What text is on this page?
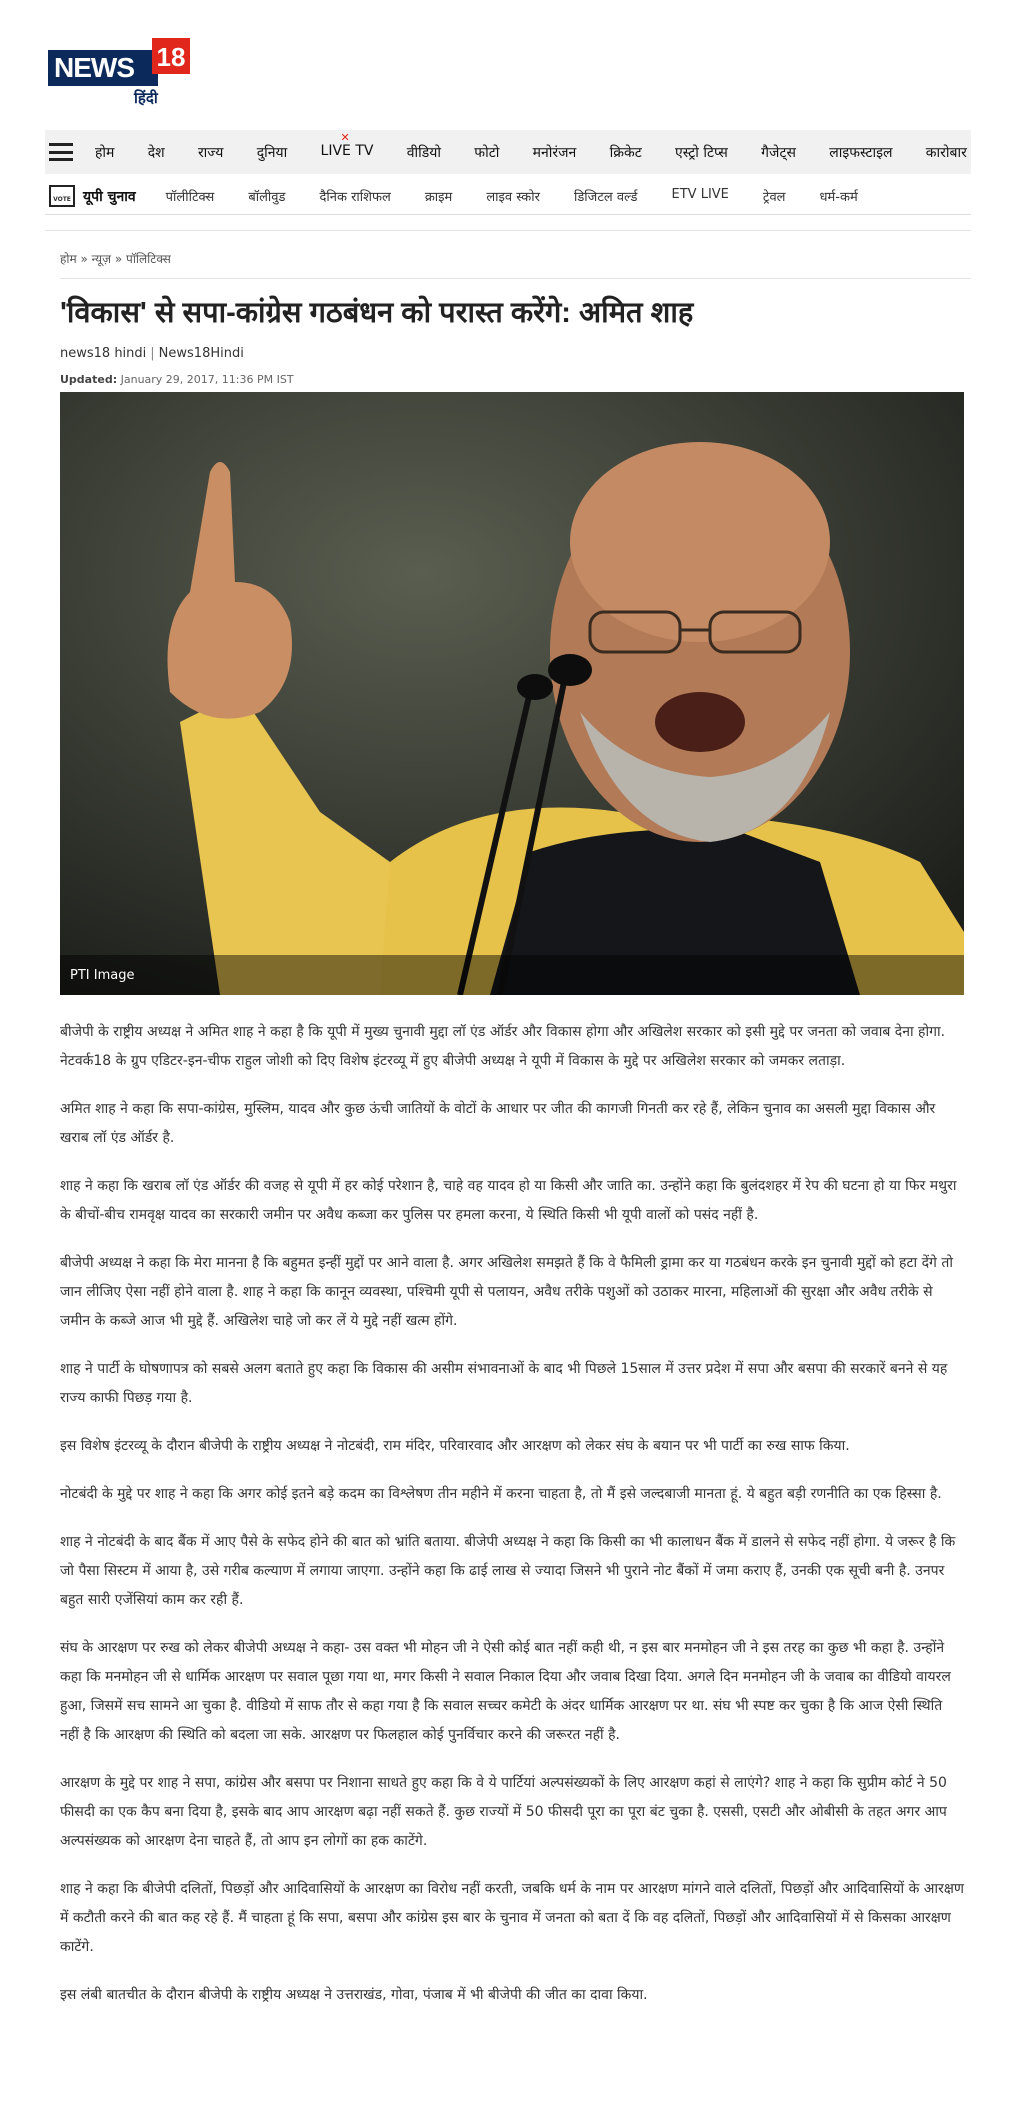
NEWS 18
हिंदी
होम देश राज्य दुनिया LIVE TV
✕
वीडियो फोटो मनोरंजन क्रिकेट एस्ट्रो टिप्स गैजेट्स लाइफस्टाइल कारोबार
VOTE यूपी चुनाव पॉलीटिक्स	बॉलीवुड	दैनिक राशिफल	क्राइम	लाइव स्कोर	डिजिटल वर्ल्ड	ETV LIVE	ट्रेवल	धर्म-कर्म
होम » न्यूज़ » पॉलिटिक्स
'विकास' से सपा-कांग्रेस गठबंधन को परास्त करेंगे: अमित शाह
news18 hindi | News18Hindi
Updated: January 29, 2017, 11:36 PM IST
PTI Image

बीजेपी के राष्ट्रीय अध्यक्ष ने अमित शाह ने कहा है कि यूपी में मुख्य चुनावी मुद्दा लॉ एंड ऑर्डर और विकास होगा और अखिलेश सरकार को इसी मुद्दे पर जनता को जवाब देना होगा. नेटवर्क18 के ग्रुप एडिटर-इन-चीफ राहुल जोशी को दिए विशेष इंटरव्यू में हुए बीजेपी अध्यक्ष ने यूपी में विकास के मुद्दे पर अखिलेश सरकार को जमकर लताड़ा.

अमित शाह ने कहा कि सपा-कांग्रेस, मुस्लिम, यादव और कुछ ऊंची जातियों के वोटों के आधार पर जीत की कागजी गिनती कर रहे हैं, लेकिन चुनाव का असली मुद्दा विकास और खराब लॉ एंड ऑर्डर है.

शाह ने कहा कि खराब लॉ एंड ऑर्डर की वजह से यूपी में हर कोई परेशान है, चाहे वह यादव हो या किसी और जाति का. उन्होंने कहा कि बुलंदशहर में रेप की घटना हो या फिर मथुरा के बीचों-बीच रामवृक्ष यादव का सरकारी जमीन पर अवैध कब्जा कर पुलिस पर हमला करना, ये स्थिति किसी भी यूपी वालों को पसंद नहीं है.

बीजेपी अध्यक्ष ने कहा कि मेरा मानना है कि बहुमत इन्हीं मुद्दों पर आने वाला है. अगर अखिलेश समझते हैं कि वे फैमिली ड्रामा कर या गठबंधन करके इन चुनावी मुद्दों को हटा देंगे तो जान लीजिए ऐसा नहीं होने वाला है. शाह ने कहा कि कानून व्यवस्था, पश्चिमी यूपी से पलायन, अवैध तरीके पशुओं को उठाकर मारना, महिलाओं की सुरक्षा और अवैध तरीके से जमीन के कब्जे आज भी मुद्दे हैं. अखिलेश चाहे जो कर लें ये मुद्दे नहीं खत्म होंगे.

शाह ने पार्टी के घोषणापत्र को सबसे अलग बताते हुए कहा कि विकास की असीम संभावनाओं के बाद भी पिछले 15साल में उत्तर प्रदेश में सपा और बसपा की सरकारें बनने से यह राज्य काफी पिछड़ गया है.

इस विशेष इंटरव्यू के दौरान बीजेपी के राष्ट्रीय अध्यक्ष ने नोटबंदी, राम मंदिर, परिवारवाद और आरक्षण को लेकर संघ के बयान पर भी पार्टी का रुख साफ किया.

नोटबंदी के मुद्दे पर शाह ने कहा कि अगर कोई इतने बड़े कदम का विश्लेषण तीन महीने में करना चाहता है, तो मैं इसे जल्दबाजी मानता हूं. ये बहुत बड़ी रणनीति का एक हिस्सा है.

शाह ने नोटबंदी के बाद बैंक में आए पैसे के सफेद होने की बात को भ्रांति बताया. बीजेपी अध्यक्ष ने कहा कि किसी का भी कालाधन बैंक में डालने से सफेद नहीं होगा. ये जरूर है कि जो पैसा सिस्टम में आया है, उसे गरीब कल्याण में लगाया जाएगा. उन्होंने कहा कि ढाई लाख से ज्यादा जिसने भी पुराने नोट बैंकों में जमा कराए हैं, उनकी एक सूची बनी है. उनपर बहुत सारी एजेंसियां काम कर रही हैं.

संघ के आरक्षण पर रुख को लेकर बीजेपी अध्यक्ष ने कहा- उस वक्त भी मोहन जी ने ऐसी कोई बात नहीं कही थी, न इस बार मनमोहन जी ने इस तरह का कुछ भी कहा है. उन्होंने कहा कि मनमोहन जी से धार्मिक आरक्षण पर सवाल पूछा गया था, मगर किसी ने सवाल निकाल दिया और जवाब दिखा दिया. अगले दिन मनमोहन जी के जवाब का वीडियो वायरल हुआ, जिसमें सच सामने आ चुका है. वीडियो में साफ तौर से कहा गया है कि सवाल सच्चर कमेटी के अंदर धार्मिक आरक्षण पर था. संघ भी स्पष्ट कर चुका है कि आज ऐसी स्थिति नहीं है कि आरक्षण की स्थिति को बदला जा सके. आरक्षण पर फिलहाल कोई पुनर्विचार करने की जरूरत नहीं है.

आरक्षण के मुद्दे पर शाह ने सपा, कांग्रेस और बसपा पर निशाना साधते हुए कहा कि वे ये पार्टियां अल्पसंख्यकों के लिए आरक्षण कहां से लाएंगे? शाह ने कहा कि सुप्रीम कोर्ट ने 50 फीसदी का एक कैप बना दिया है, इसके बाद आप आरक्षण बढ़ा नहीं सकते हैं. कुछ राज्यों में 50 फीसदी पूरा का पूरा बंट चुका है. एससी, एसटी और ओबीसी के तहत अगर आप अल्पसंख्यक को आरक्षण देना चाहते हैं, तो आप इन लोगों का हक काटेंगे.

शाह ने कहा कि बीजेपी दलितों, पिछड़ों और आदिवासियों के आरक्षण का विरोध नहीं करती, जबकि धर्म के नाम पर आरक्षण मांगने वाले दलितों, पिछड़ों और आदिवासियों के आरक्षण में कटौती करने की बात कह रहे हैं. मैं चाहता हूं कि सपा, बसपा और कांग्रेस इस बार के चुनाव में जनता को बता दें कि वह दलितों, पिछड़ों और आदिवासियों में से किसका आरक्षण काटेंगे.

इस लंबी बातचीत के दौरान बीजेपी के राष्ट्रीय अध्यक्ष ने उत्तराखंड, गोवा, पंजाब में भी बीजेपी की जीत का दावा किया.
